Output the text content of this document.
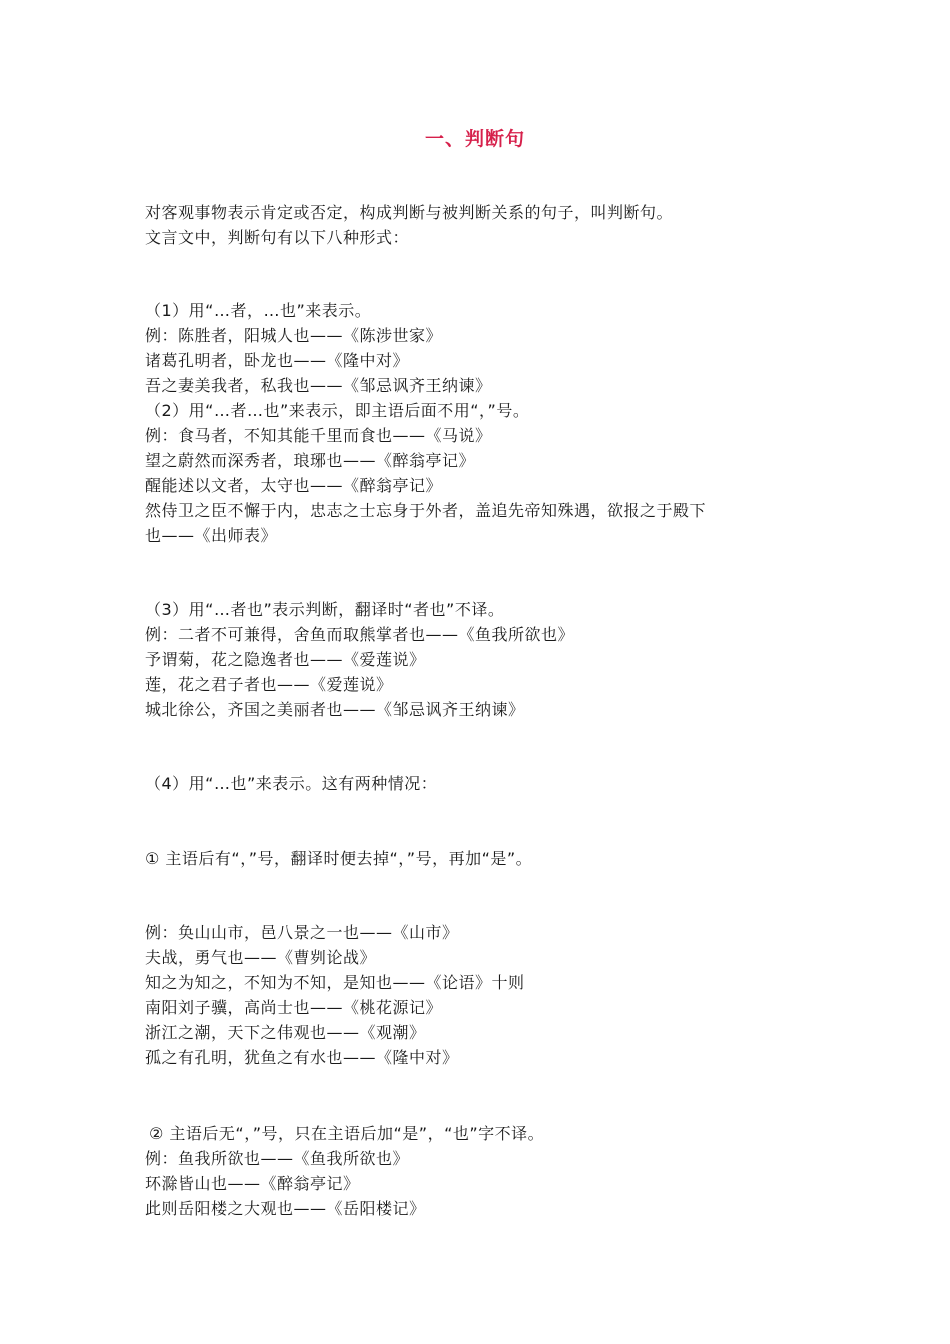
一、判断句
对客观事物表示肯定或否定，构成判断与被判断关系的句子，叫判断句。
文言文中，判断句有以下八种形式：
（1）用“…者，…也”来表示。
例：陈胜者，阳城人也——《陈涉世家》
诸葛孔明者，卧龙也——《隆中对》
吾之妻美我者，私我也——《邹忌讽齐王纳谏》
（2）用“…者…也”来表示，即主语后面不用“，”号。
例：食马者，不知其能千里而食也——《马说》
望之蔚然而深秀者，琅琊也——《醉翁亭记》
醒能述以文者，太守也——《醉翁亭记》
然侍卫之臣不懈于内，忠志之士忘身于外者，盖追先帝知殊遇，欲报之于殿下
也——《出师表》
（3）用“…者也”表示判断，翻译时“者也”不译。
例：二者不可兼得，舍鱼而取熊掌者也——《鱼我所欲也》
予谓菊，花之隐逸者也——《爱莲说》
莲，花之君子者也——《爱莲说》
城北徐公，齐国之美丽者也——《邹忌讽齐王纳谏》
（4）用“…也”来表示。这有两种情况：
① 主语后有“，”号，翻译时便去掉“，”号，再加“是”。
例：奂山山市，邑八景之一也——《山市》
夫战，勇气也——《曹刿论战》
知之为知之，不知为不知，是知也——《论语》十则
南阳刘子骥，高尚士也——《桃花源记》
浙江之潮，天下之伟观也——《观潮》
孤之有孔明，犹鱼之有水也——《隆中对》
② 主语后无“，”号，只在主语后加“是”，“也”字不译。
例：鱼我所欲也——《鱼我所欲也》
环滁皆山也——《醉翁亭记》
此则岳阳楼之大观也——《岳阳楼记》
